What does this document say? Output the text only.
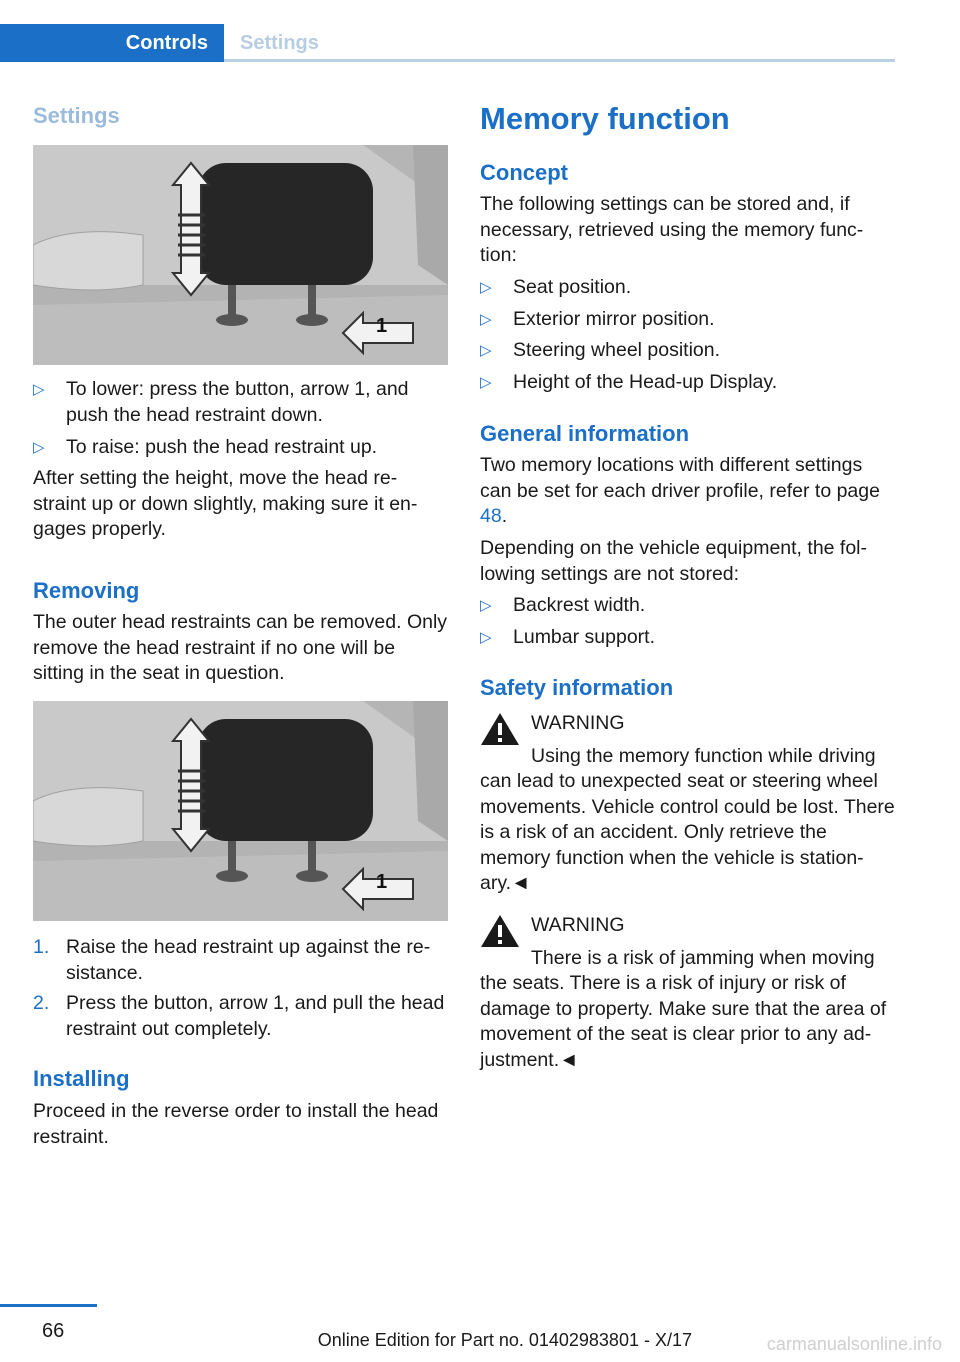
Controls	Settings
Settings
1
▷ To lower: press the button, arrow 1, and push the head restraint down.
▷ To raise: push the head restraint up.

After setting the height, move the head re- straint up or down slightly, making sure it en- gages properly.

Removing

The outer head restraints can be removed. Only remove the head restraint if no one will be sitting in the seat in question.

1
1. Raise the head restraint up against the re- sistance.
2. Press the button, arrow 1, and pull the head restraint out completely.
Installing

Proceed in the reverse order to install the head restraint.

Memory function
Concept

The following settings can be stored and, if necessary, retrieved using the memory func- tion:

▷ Seat position.
▷ Exterior mirror position.
▷ Steering wheel position.
▷ Height of the Head-up Display.
General information

Two memory locations with different settings can be set for each driver profile, refer to page 48.

Depending on the vehicle equipment, the fol- lowing settings are not stored:

▷ Backrest width.
▷ Lumbar support.
Safety information
WARNING
Using the memory function while driving
can lead to unexpected seat or steering wheel movements. Vehicle control could be lost. There is a risk of an accident. Only retrieve the memory function when the vehicle is station- ary.◄
WARNING
There is a risk of jamming when moving
the seats. There is a risk of injury or risk of damage to property. Make sure that the area of movement of the seat is clear prior to any ad- justment.◄
66	Online Edition for Part no. 01402983801 - X/17	carmanualsonline.info
